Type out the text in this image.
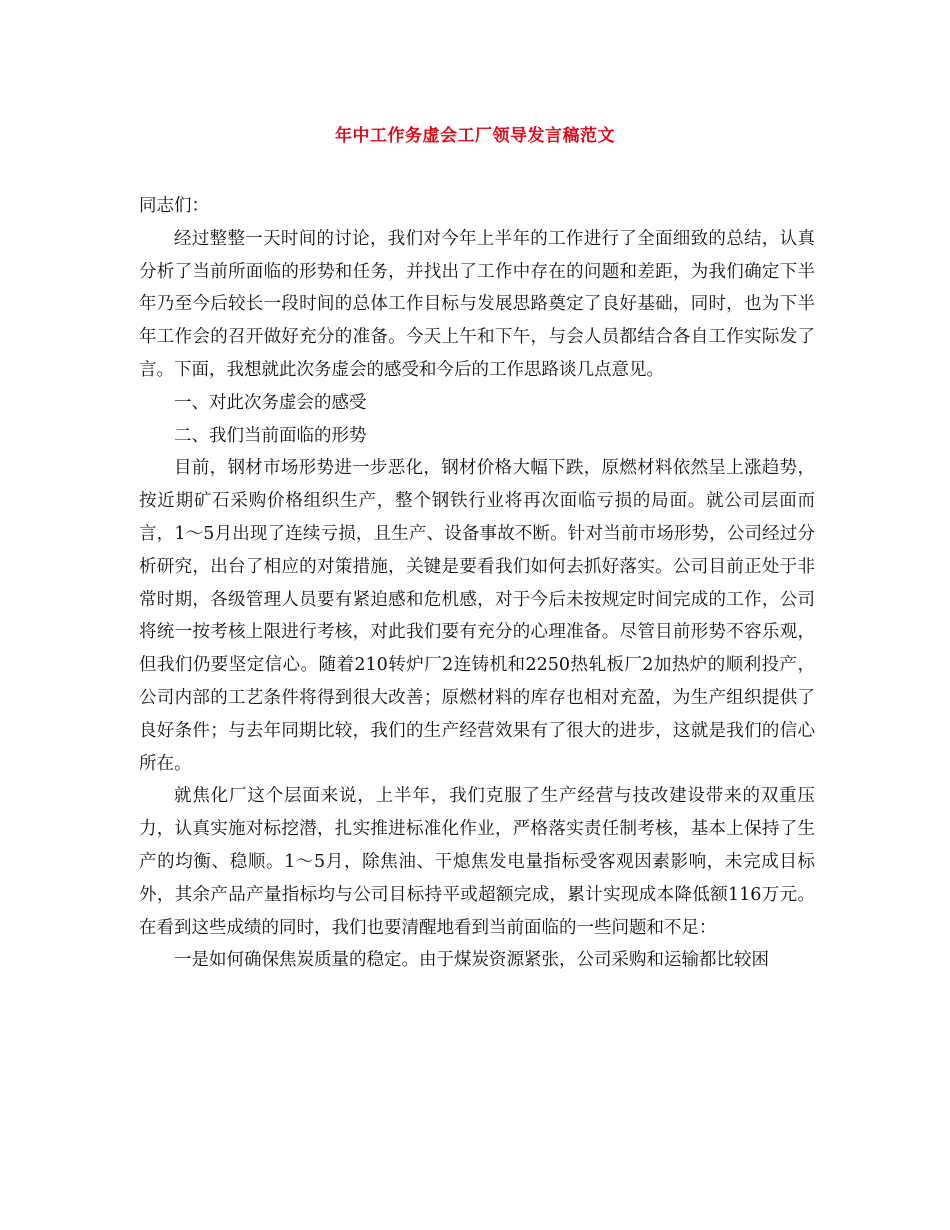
年中工作务虚会工厂领导发言稿范文

同志们：

经过整整一天时间的讨论，我们对今年上半年的工作进行了全面细致的总结，认真分析了当前所面临的形势和任务，并找出了工作中存在的问题和差距，为我们确定下半年乃至今后较长一段时间的总体工作目标与发展思路奠定了良好基础，同时，也为下半年工作会的召开做好充分的准备。今天上午和下午，与会人员都结合各自工作实际发了言。下面，我想就此次务虚会的感受和今后的工作思路谈几点意见。

一、对此次务虚会的感受

二、我们当前面临的形势

目前，钢材市场形势进一步恶化，钢材价格大幅下跌，原燃材料依然呈上涨趋势，按近期矿石采购价格组织生产，整个钢铁行业将再次面临亏损的局面。就公司层面而言，1～5月出现了连续亏损，且生产、设备事故不断。针对当前市场形势，公司经过分析研究，出台了相应的对策措施，关键是要看我们如何去抓好落实。公司目前正处于非常时期，各级管理人员要有紧迫感和危机感，对于今后未按规定时间完成的工作，公司将统一按考核上限进行考核，对此我们要有充分的心理准备。尽管目前形势不容乐观，但我们仍要坚定信心。随着210转炉厂2连铸机和2250热轧板厂2加热炉的顺利投产，公司内部的工艺条件将得到很大改善；原燃材料的库存也相对充盈，为生产组织提供了良好条件；与去年同期比较，我们的生产经营效果有了很大的进步，这就是我们的信心所在。

就焦化厂这个层面来说，上半年，我们克服了生产经营与技改建设带来的双重压力，认真实施对标挖潜，扎实推进标准化作业，严格落实责任制考核，基本上保持了生产的均衡、稳顺。1～5月，除焦油、干熄焦发电量指标受客观因素影响，未完成目标外，其余产品产量指标均与公司目标持平或超额完成，累计实现成本降低额116万元。在看到这些成绩的同时，我们也要清醒地看到当前面临的一些问题和不足：

一是如何确保焦炭质量的稳定。由于煤炭资源紧张，公司采购和运输都比较困
